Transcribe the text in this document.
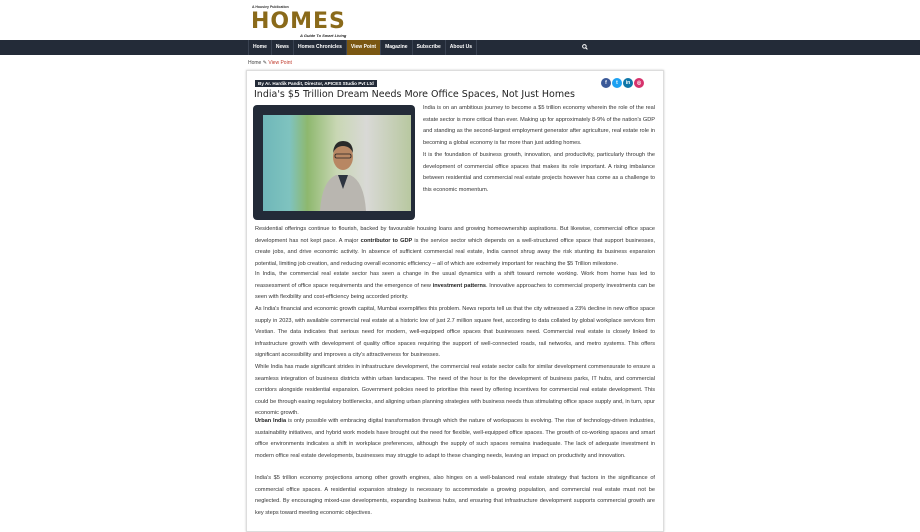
A Housiey Publication
HOMES
A Guide To Smart Living
Home	News	Homes Chronicles	View Point	Magazine	Subscribe	About Us
Home ✎ View Point
By Ar. Hardik Pandit, Director, APICES Studio Pvt Ltd
India's $5 Trillion Dream Needs More Office Spaces, Not Just Homes
f	t	in	◎

India is on an ambitious journey to become a $5 trillion economy wherein the role of the real estate sector is more critical than ever. Making up for approximately 8-9% of the nation's GDP and standing as the second-largest employment generator after agriculture, real estate role in becoming a global economy is far more than just adding homes.

It is the foundation of business growth, innovation, and productivity, particularly through the development of commercial office spaces that makes its role important. A rising imbalance between residential and commercial real estate projects however has come as a challenge to this economic momentum.

Residential offerings continue to flourish, backed by favourable housing loans and growing homeownership aspirations. But likewise, commercial office space development has not kept pace. A major contributor to GDP is the service sector which depends on a well-structured office space that support businesses, create jobs, and drive economic activity. In absence of sufficient commercial real estate, India cannot shrug away the risk stunting its business expansion potential, limiting job creation, and reducing overall economic efficiency – all of which are extremely important for reaching the $5 Trillion milestone.

In India, the commercial real estate sector has seen a change in the usual dynamics with a shift toward remote working. Work from home has led to reassessment of office space requirements and the emergence of new investment patterns. Innovative approaches to commercial property investments can be seen with flexibility and cost-efficiency being accorded priority.

As India's financial and economic growth capital, Mumbai exemplifies this problem. News reports tell us that the city witnessed a 23% decline in new office space supply in 2023, with available commercial real estate at a historic low of just 2.7 million square feet, according to data collated by global workplace services firm Vestian. The data indicates that serious need for modern, well-equipped office spaces that businesses need. Commercial real estate is closely linked to infrastructure growth with development of quality office spaces requiring the support of well-connected roads, rail networks, and metro systems. This offers significant accessibility and improves a city's attractiveness for businesses.

While India has made significant strides in infrastructure development, the commercial real estate sector calls for similar development commensurate to ensure a seamless integration of business districts within urban landscapes. The need of the hour is for the development of business parks, IT hubs, and commercial corridors alongside residential expansion. Government policies need to prioritise this need by offering incentives for commercial real estate development. This could be through easing regulatory bottlenecks, and aligning urban planning strategies with business needs thus stimulating office space supply and, in turn, spur economic growth.

Urban India is only possible with embracing digital transformation through which the nature of workspaces is evolving. The rise of technology-driven industries, sustainability initiatives, and hybrid work models have brought out the need for flexible, well-equipped office spaces. The growth of co-working spaces and smart office environments indicates a shift in workplace preferences, although the supply of such spaces remains inadequate. The lack of adequate investment in modern office real estate developments, businesses may struggle to adapt to these changing needs, leaving an impact on productivity and innovation.

India's $5 trillion economy projections among other growth engines, also hinges on a well-balanced real estate strategy that factors in the significance of commercial office spaces. A residential expansion strategy is necessary to accommodate a growing population, and commercial real estate must not be neglected. By encouraging mixed-use developments, expanding business hubs, and ensuring that infrastructure development supports commercial growth are key steps toward meeting economic objectives.
